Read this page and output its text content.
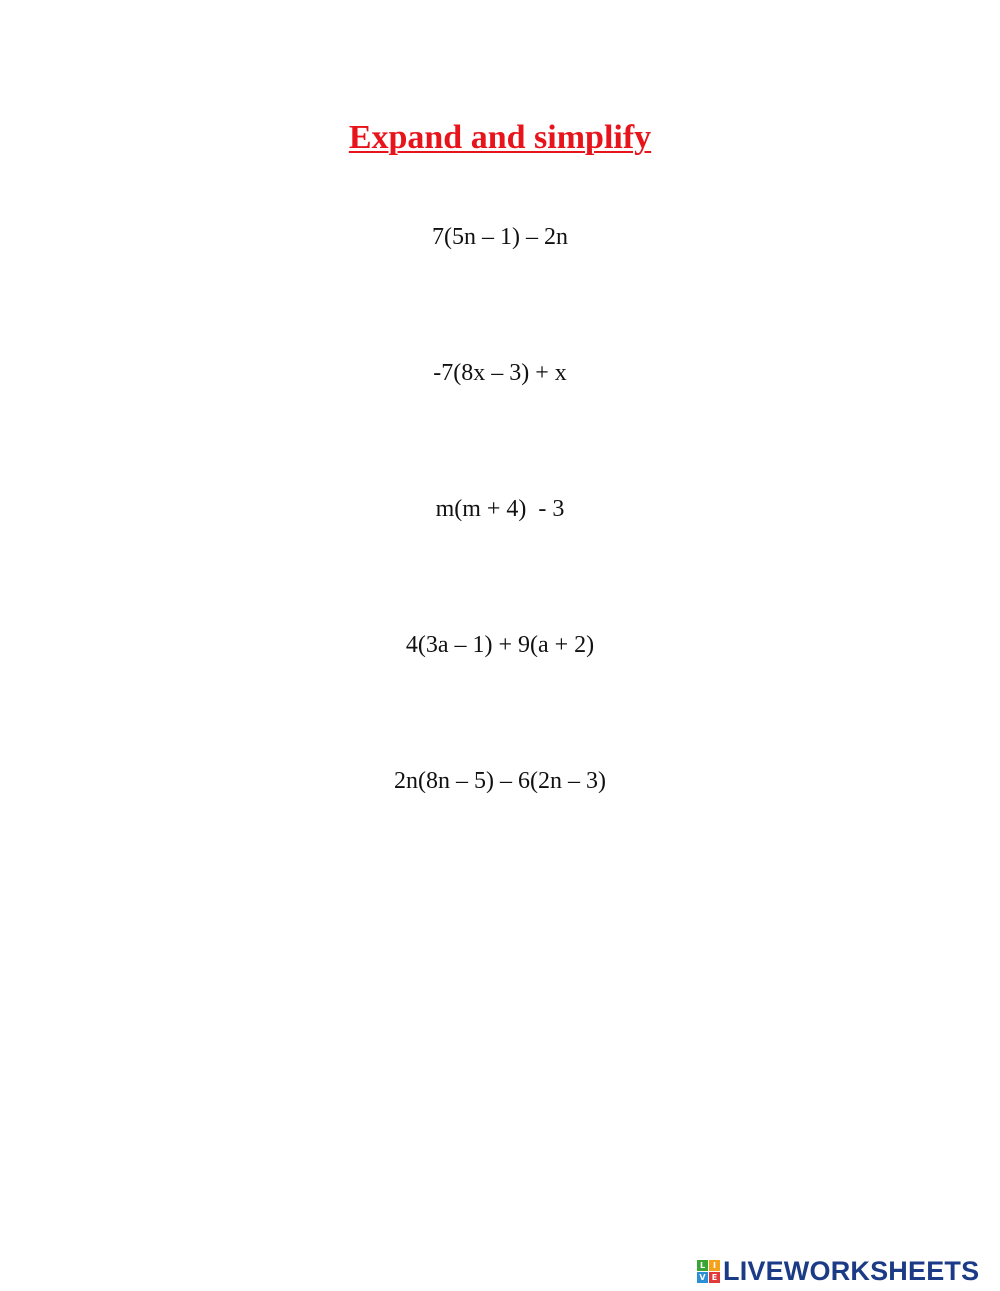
Expand and simplify
7(5n – 1) – 2n
-7(8x – 3) + x
m(m + 4)  - 3
4(3a – 1) + 9(a + 2)
2n(8n – 5) – 6(2n – 3)
L I
V E LIVEWORKSHEETS
